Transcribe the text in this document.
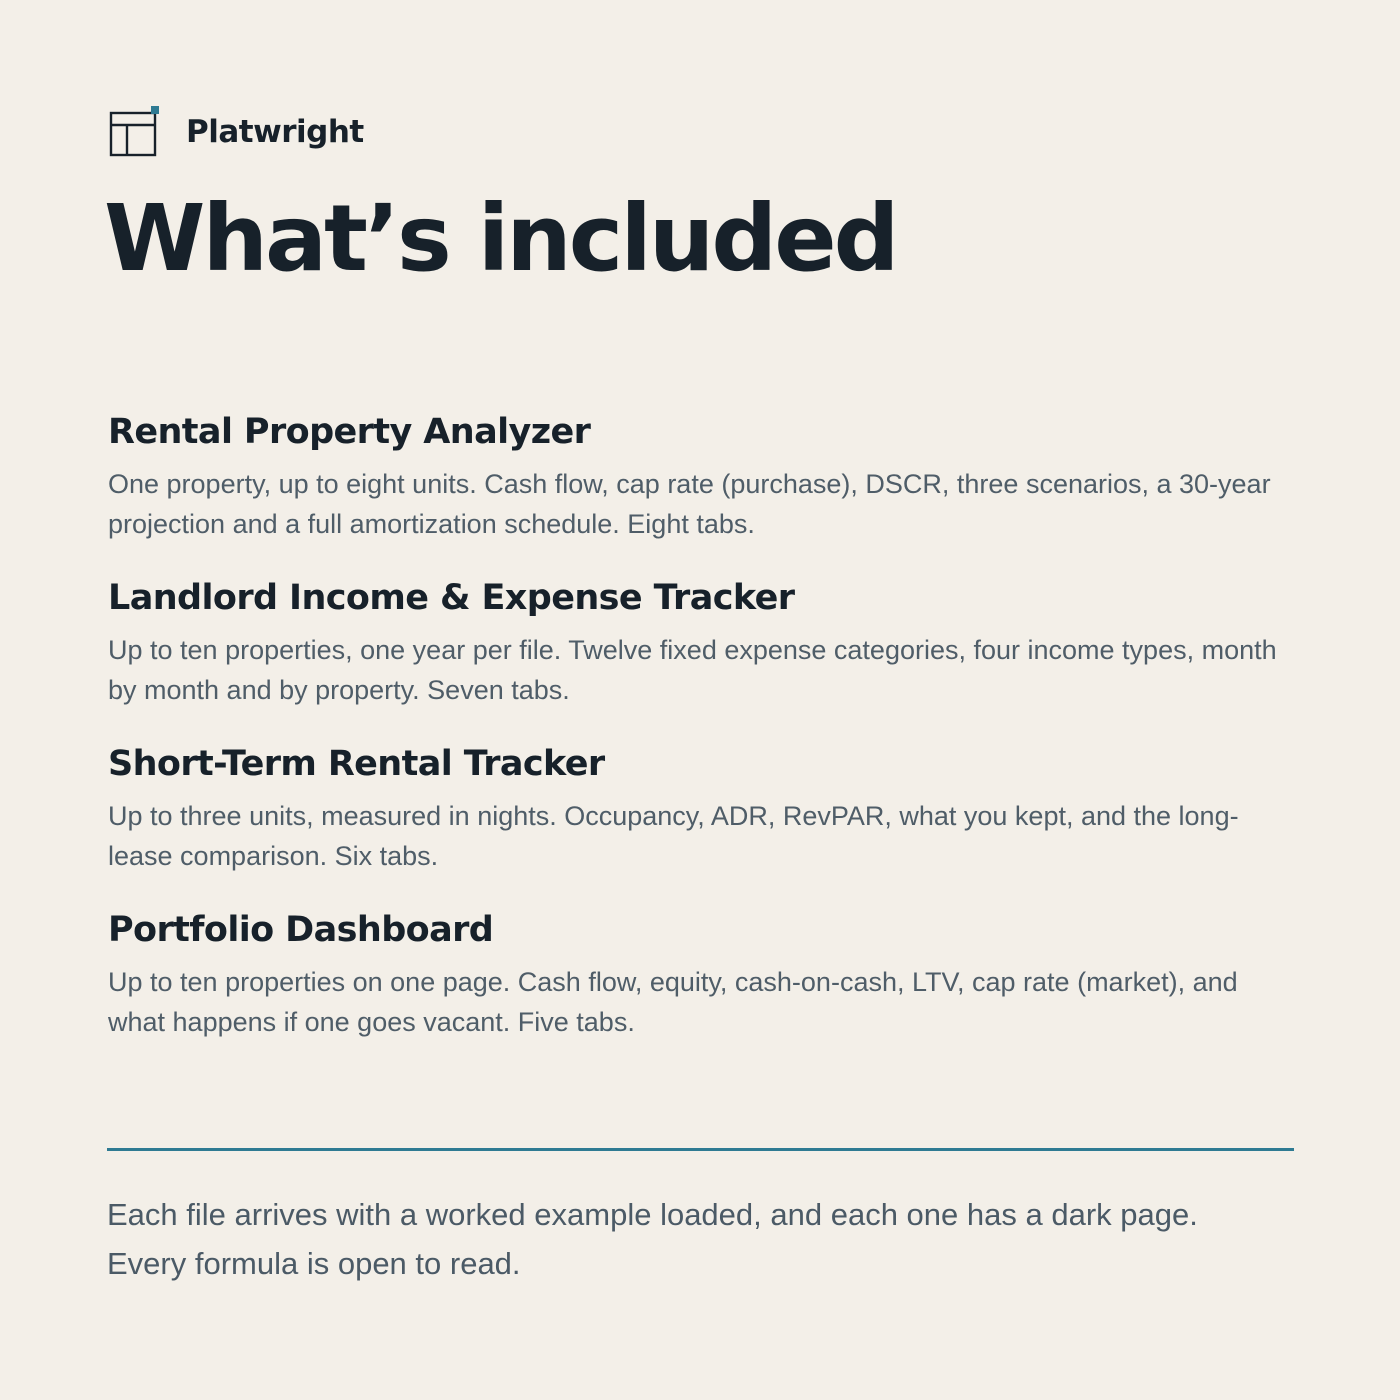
Platwright
What’s included
Rental Property Analyzer

One property, up to eight units. Cash flow, cap rate (purchase), DSCR, three scenarios, a 30-year projection and a full amortization schedule. Eight tabs.

Landlord Income & Expense Tracker

Up to ten properties, one year per file. Twelve fixed expense categories, four income types, month by month and by property. Seven tabs.

Short-Term Rental Tracker

Up to three units, measured in nights. Occupancy, ADR, RevPAR, what you kept, and the long-lease comparison. Six tabs.

Portfolio Dashboard

Up to ten properties on one page. Cash flow, equity, cash-on-cash, LTV, cap rate (market), and what happens if one goes vacant. Five tabs.

Each file arrives with a worked example loaded, and each one has a dark page.
Every formula is open to read.
